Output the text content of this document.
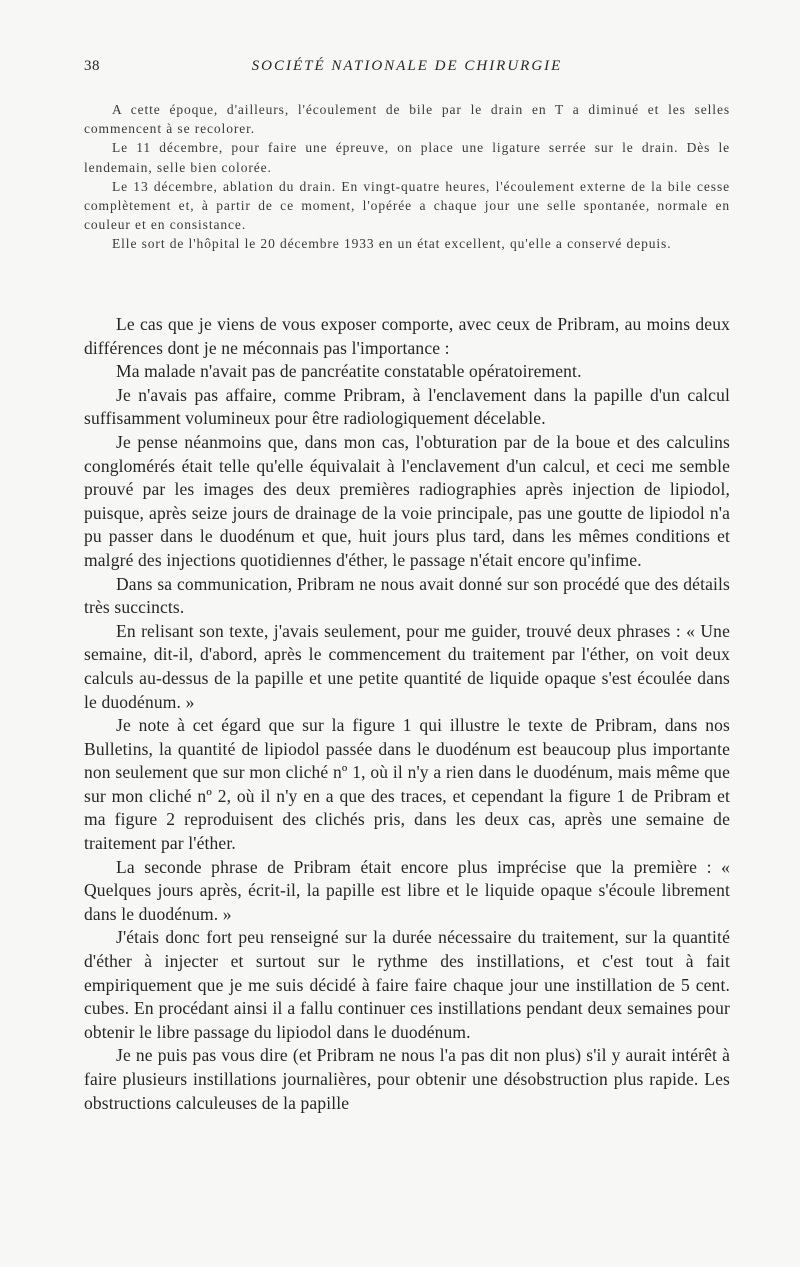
38	SOCIÉTÉ NATIONALE DE CHIRURGIE

A cette époque, d'ailleurs, l'écoulement de bile par le drain en T a diminué et les selles commencent à se recolorer.

Le 11 décembre, pour faire une épreuve, on place une ligature serrée sur le drain. Dès le lendemain, selle bien colorée.

Le 13 décembre, ablation du drain. En vingt-quatre heures, l'écoulement externe de la bile cesse complètement et, à partir de ce moment, l'opérée a chaque jour une selle spontanée, normale en couleur et en consistance.

Elle sort de l'hôpital le 20 décembre 1933 en un état excellent, qu'elle a conservé depuis.

Le cas que je viens de vous exposer comporte, avec ceux de Pribram, au moins deux différences dont je ne méconnais pas l'importance :

Ma malade n'avait pas de pancréatite constatable opératoirement.

Je n'avais pas affaire, comme Pribram, à l'enclavement dans la papille d'un calcul suffisamment volumineux pour être radiologiquement décelable.

Je pense néanmoins que, dans mon cas, l'obturation par de la boue et des calculins conglomérés était telle qu'elle équivalait à l'enclavement d'un calcul, et ceci me semble prouvé par les images des deux premières radiographies après injection de lipiodol, puisque, après seize jours de drainage de la voie principale, pas une goutte de lipiodol n'a pu passer dans le duodénum et que, huit jours plus tard, dans les mêmes conditions et malgré des injections quotidiennes d'éther, le passage n'était encore qu'infime.

Dans sa communication, Pribram ne nous avait donné sur son procédé que des détails très succincts.

En relisant son texte, j'avais seulement, pour me guider, trouvé deux phrases : « Une semaine, dit-il, d'abord, après le commencement du traitement par l'éther, on voit deux calculs au-dessus de la papille et une petite quantité de liquide opaque s'est écoulée dans le duodénum. »

Je note à cet égard que sur la figure 1 qui illustre le texte de Pribram, dans nos Bulletins, la quantité de lipiodol passée dans le duodénum est beaucoup plus importante non seulement que sur mon cliché nº 1, où il n'y a rien dans le duodénum, mais même que sur mon cliché nº 2, où il n'y en a que des traces, et cependant la figure 1 de Pribram et ma figure 2 reproduisent des clichés pris, dans les deux cas, après une semaine de traitement par l'éther.

La seconde phrase de Pribram était encore plus imprécise que la première : « Quelques jours après, écrit-il, la papille est libre et le liquide opaque s'écoule librement dans le duodénum. »

J'étais donc fort peu renseigné sur la durée nécessaire du traitement, sur la quantité d'éther à injecter et surtout sur le rythme des instillations, et c'est tout à fait empiriquement que je me suis décidé à faire faire chaque jour une instillation de 5 cent. cubes. En procédant ainsi il a fallu continuer ces instillations pendant deux semaines pour obtenir le libre passage du lipiodol dans le duodénum.

Je ne puis pas vous dire (et Pribram ne nous l'a pas dit non plus) s'il y aurait intérêt à faire plusieurs instillations journalières, pour obtenir une désobstruction plus rapide. Les obstructions calculeuses de la papille
